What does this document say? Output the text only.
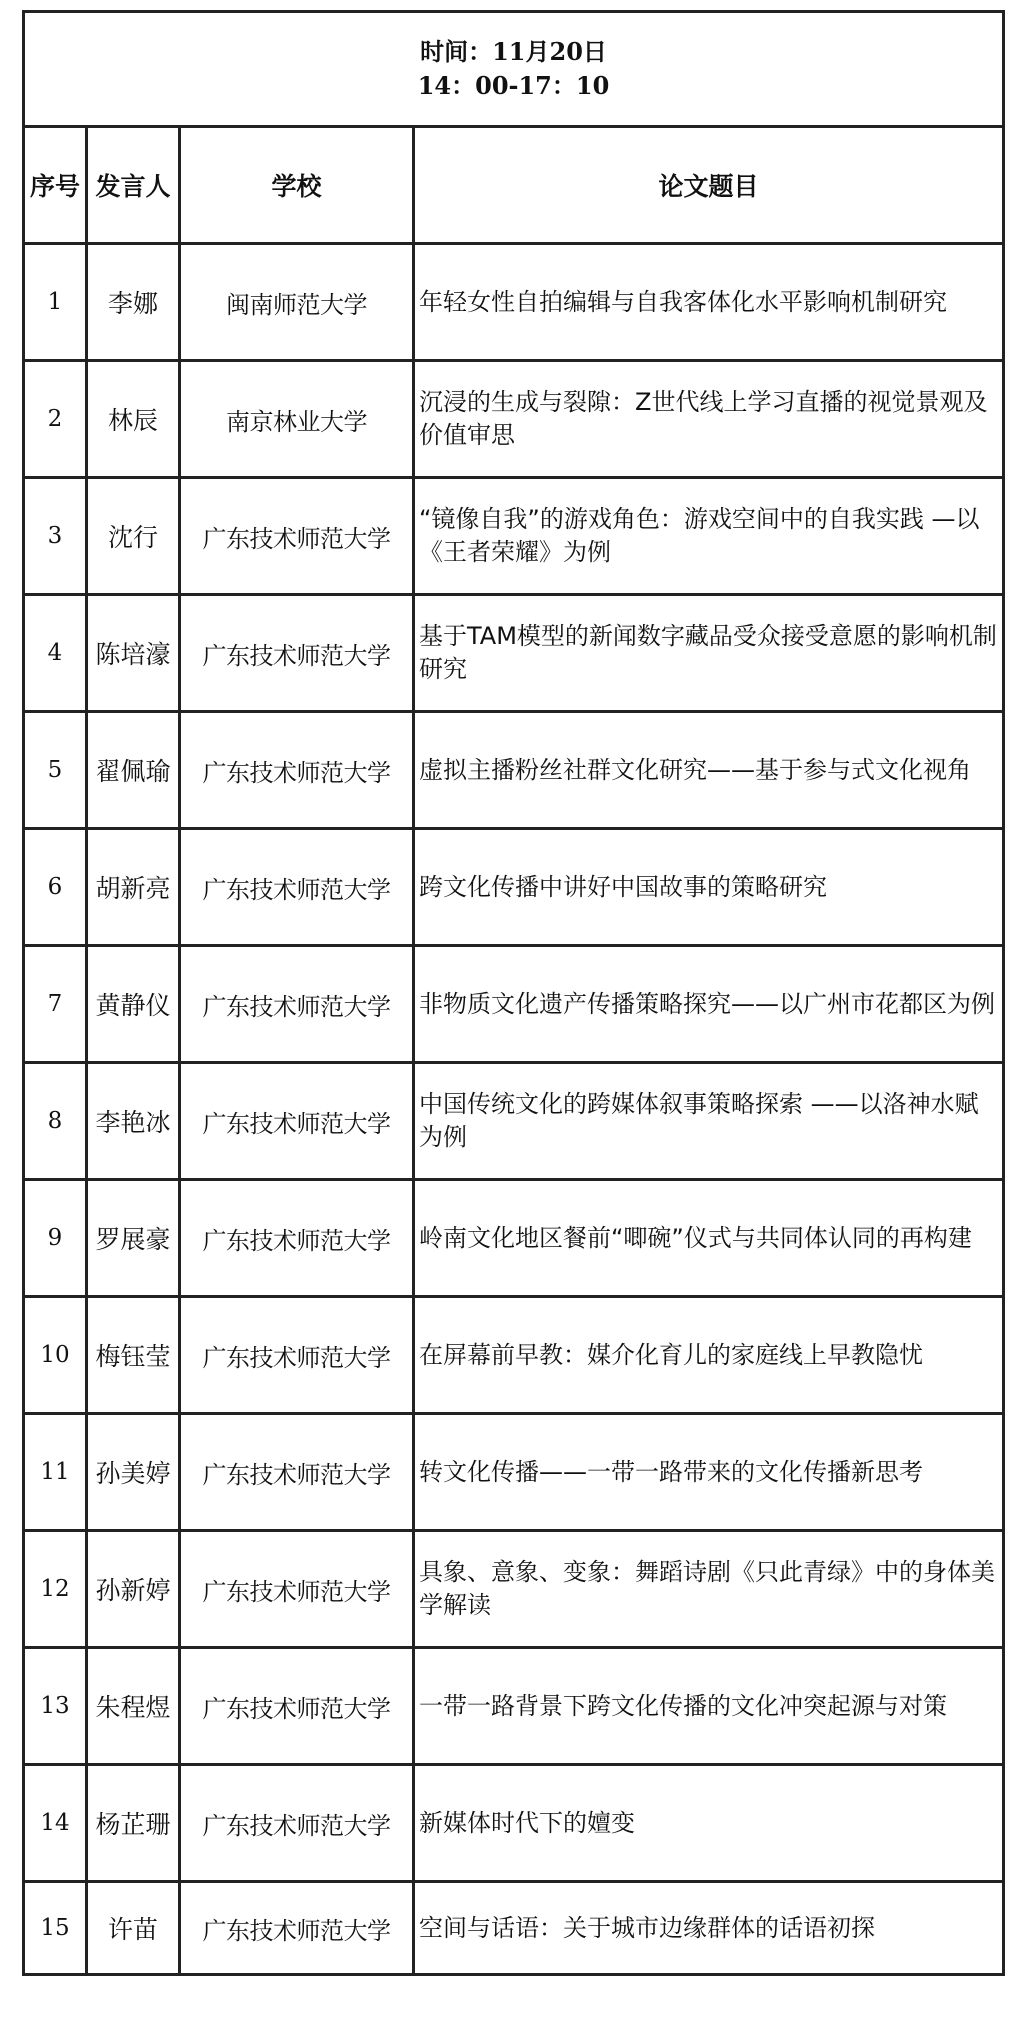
时间：11月20日
14：00-17：10			

序号	发言人	学校	论文题目
1	李娜	闽南师范大学	年轻女性自拍编辑与自我客体化水平影响机制研究
2	林辰	南京林业大学	沉浸的生成与裂隙：Z世代线上学习直播的视觉景观及价值审思
3	沈行	广东技术师范大学	“镜像自我”的游戏角色：游戏空间中的自我实践 —以《王者荣耀》为例
4	陈培濠	广东技术师范大学	基于TAM模型的新闻数字藏品受众接受意愿的影响机制研究
5	翟佩瑜	广东技术师范大学	虚拟主播粉丝社群文化研究——基于参与式文化视角
6	胡新亮	广东技术师范大学	跨文化传播中讲好中国故事的策略研究
7	黄静仪	广东技术师范大学	非物质文化遗产传播策略探究——以广州市花都区为例
8	李艳冰	广东技术师范大学	中国传统文化的跨媒体叙事策略探索 ——以洛神水赋为例
9	罗展豪	广东技术师范大学	岭南文化地区餐前“唧碗”仪式与共同体认同的再构建
10	梅钰莹	广东技术师范大学	在屏幕前早教：媒介化育儿的家庭线上早教隐忧
11	孙美婷	广东技术师范大学	转文化传播——一带一路带来的文化传播新思考
12	孙新婷	广东技术师范大学	具象、意象、变象：舞蹈诗剧《只此青绿》中的身体美学解读
13	朱程煜	广东技术师范大学	一带一路背景下跨文化传播的文化冲突起源与对策
14	杨芷珊	广东技术师范大学	新媒体时代下的嬗变
15	许苗	广东技术师范大学	空间与话语：关于城市边缘群体的话语初探
